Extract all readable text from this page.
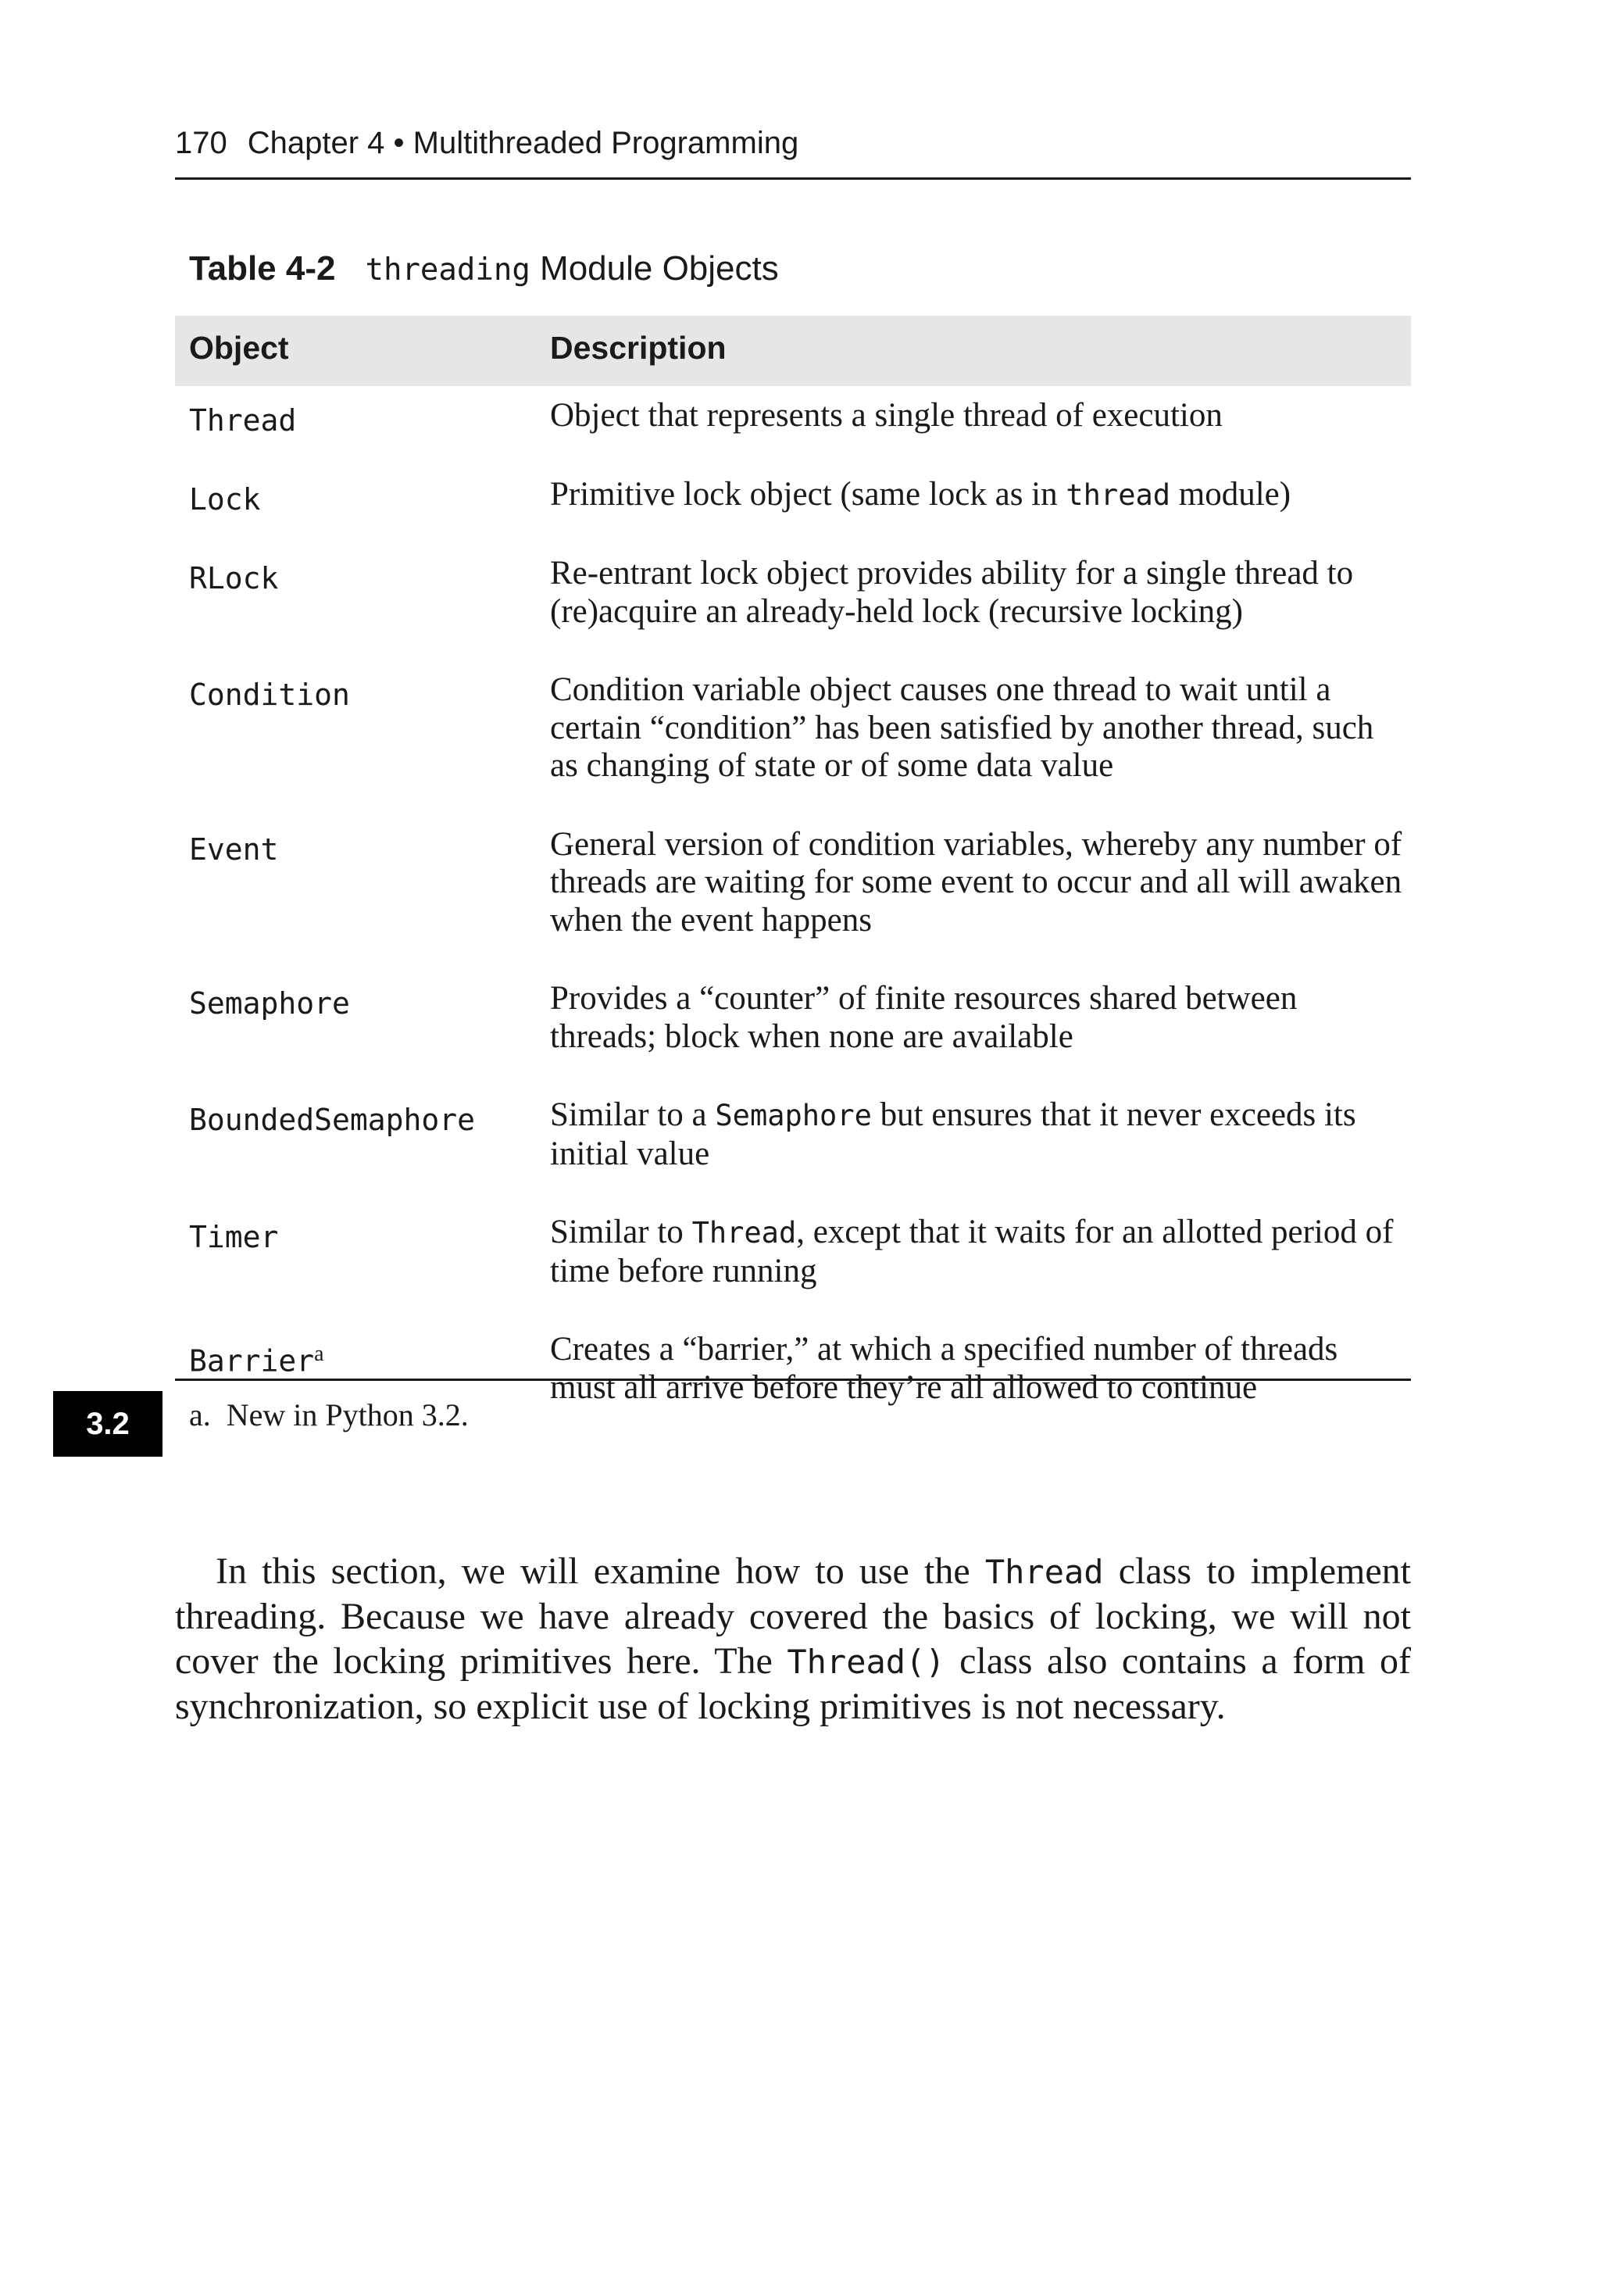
170 Chapter 4 • Multithreaded Programming
Table 4-2 threading Module Objects
Object	Description
Thread	Object that represents a single thread of execution
Lock	Primitive lock object (same lock as in thread module)
RLock	Re-entrant lock object provides ability for a single thread to (re)acquire an already-held lock (recursive locking)
Condition	Condition variable object causes one thread to wait until a certain “condition” has been satisfied by another thread, such as changing of state or of some data value
Event	General version of condition variables, whereby any number of threads are waiting for some event to occur and all will awaken when the event happens
Semaphore	Provides a “counter” of finite resources shared between threads; block when none are available
BoundedSemaphore Similar to a Semaphore but ensures that it never exceeds its initial value
Timer	Similar to Thread, except that it waits for an allotted period of time before running
Barrier$^a$	Creates a “barrier,” at which a specified number of threads must all arrive before they’re all allowed to continue
a. New in Python 3.2.
3.2

In this section, we will examine how to use the Thread class to implement threading. Because we have already covered the basics of locking, we will not cover the locking primitives here. The Thread() class also contains a form of synchronization, so explicit use of locking primitives is not necessary.
